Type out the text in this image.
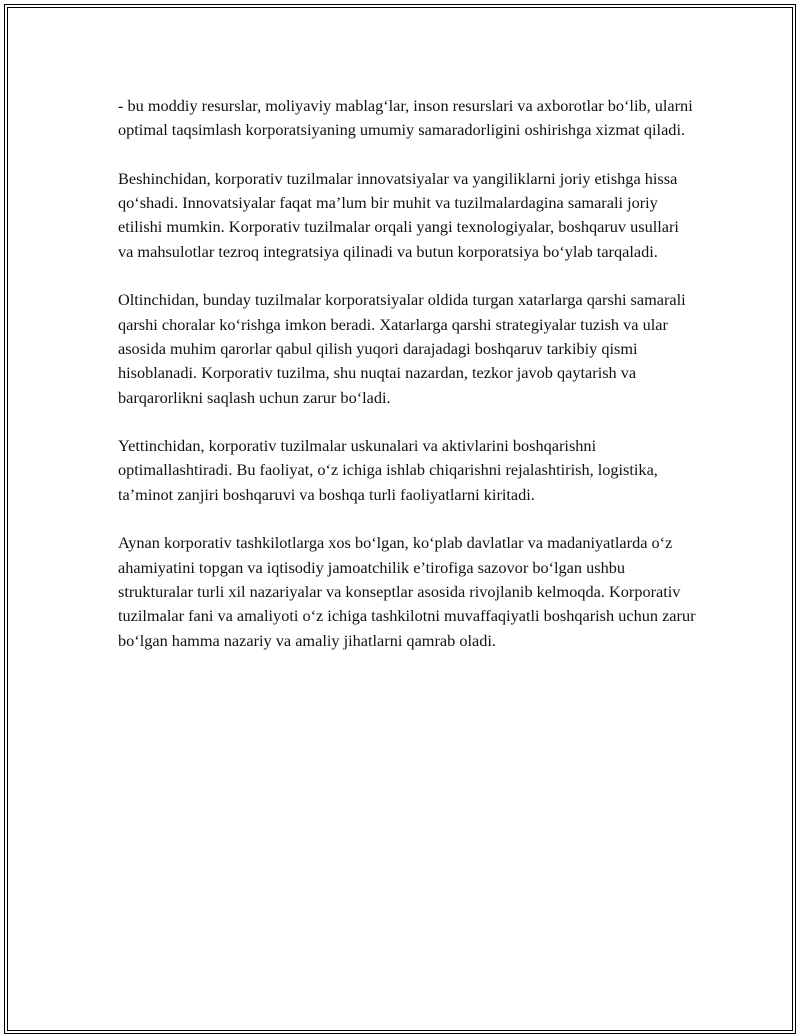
- bu moddiy resurslar, moliyaviy mablag‘lar, inson resurslari va axborotlar bo‘lib, ularni optimal taqsimlash korporatsiyaning umumiy samaradorligini oshirishga xizmat qiladi.

Beshinchidan, korporativ tuzilmalar innovatsiyalar va yangiliklarni joriy etishga hissa qo‘shadi. Innovatsiyalar faqat ma’lum bir muhit va tuzilmalardagina samarali joriy etilishi mumkin. Korporativ tuzilmalar orqali yangi texnologiyalar, boshqaruv usullari va mahsulotlar tezroq integratsiya qilinadi va butun korporatsiya bo‘ylab tarqaladi.

Oltinchidan, bunday tuzilmalar korporatsiyalar oldida turgan xatarlarga qarshi samarali qarshi choralar ko‘rishga imkon beradi. Xatarlarga qarshi strategiyalar tuzish va ular asosida muhim qarorlar qabul qilish yuqori darajadagi boshqaruv tarkibiy qismi hisoblanadi. Korporativ tuzilma, shu nuqtai nazardan, tezkor javob qaytarish va barqarorlikni saqlash uchun zarur bo‘ladi.

Yettinchidan, korporativ tuzilmalar uskunalari va aktivlarini boshqarishni optimallashtiradi. Bu faoliyat, o‘z ichiga ishlab chiqarishni rejalashtirish, logistika, ta’minot zanjiri boshqaruvi va boshqa turli faoliyatlarni kiritadi.

Aynan korporativ tashkilotlarga xos bo‘lgan, ko‘plab davlatlar va madaniyatlarda o‘z ahamiyatini topgan va iqtisodiy jamoatchilik e’tirofiga sazovor bo‘lgan ushbu strukturalar turli xil nazariyalar va konseptlar asosida rivojlanib kelmoqda. Korporativ tuzilmalar fani va amaliyoti o‘z ichiga tashkilotni muvaffaqiyatli boshqarish uchun zarur bo‘lgan hamma nazariy va amaliy jihatlarni qamrab oladi.
